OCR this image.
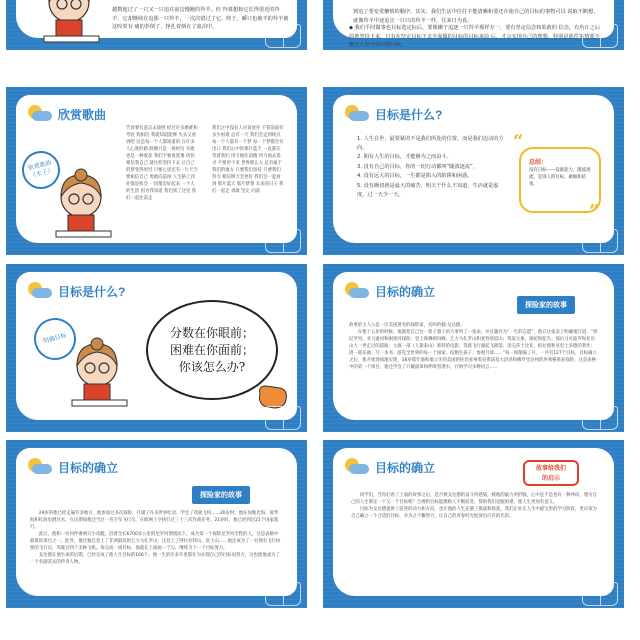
越数超过了一只又一只追在前边慢跑的羚羊。但 羚慕想和它长得很近的羚羊，它却继续在追那一只羚羊，一次次错过了它。终于，瞬只也被羊的羚羊被这咬着有 痛的扑倒了，挣扎着倒在了血泊中。
到追了要变常懒惰的顺序。其实，我们生活中往往不能清晰和要还在使自己的目标的事物可以 说取不断想，就像羚羊中途追击一只只的羚羊一样，往来日为真。
◆ 我们平时做事也目标选定标后，要像狮子追逐一只羚羊那样专一，要有坚定信念和果敢的 信念，有所计之后的地坚持下来，只有在坚定目标下去全面做的目标的目标来前 后，才会实现自己的理想，特别是那件事情要不能让人坚守以中的目标。
欣赏歌曲
欣赏歌曲《木子》
告诉要有意志去战胜 经过许多磨难和考验 我相信 我就知道能够 失去又看到吧 这是每一个人都知道的 在许多人心底的路 跌倒只是一场经历 失败也是一种收获 我们不要再犹豫 请你相信我自己 就这样坚持下去 让自己的梦变得更近 只要心里还有一片天空 要相信自己 勇敢向前闯 人生路上到处都是机会 一切都会好起来 一个人的生活 因为我知道 我们到了这里 我们一起往前走
我们之中没有人应该放弃 不管前面有多少困难 总有一天 我们会走到终点 每一个人都有一个梦 每一个梦都会有出口 我们心中的那片蓝天 一直都在等着我们 用力地往前跑 用力地去追寻 不要停下来 世界那么大 总有属于我们的地方 只要我们坚持 只要我们努力 相信明天会更好 我们会一起看到 那片蓝天 那片梦想 未来的日子 我们一起走 勇敢 坚定 向前
目标是什么?
1. 人生在世，最要紧的不是我们所处的位置，而是我们迈动的方向。
2. 期有人生的目标，才能够为之而奋斗。
3. 没有自己的目标，你的一切行动都叫“随波逐流”。
4. 没有远大的目标，一生都是陷入的陷阱和困惑。
5. 没有确切就是最大的痛苦，明天干什么不知道，生活就是虚度，过一天少一天。
总结：
没有目标——没谁能力，随波逐流，是别人的目标，做做和结束。
“
”
目标是什么?
明确目标	分数在你眼前；
困难在你面前；
你该怎么办?
目标的确立
探险家的故事
故事的主人公是一位美国著名的探险家，名叫约翰·戈达德。
　　在他十五岁的时候，他就把自己这一辈子想干的大事列了一张表，并且题名为“一生的志愿”，他在这张表上明确地写道：“到尼罗河、亚马逊河和刚果河探险；登上珠穆朗玛峰、乞力马扎罗山和麦特荷恩山；驾驭大象、骆驼和鸵鸟；探访马可波罗和亚历山大一世走过的道路；主演一部《人猿泰山》那样的电影；驾驶飞行器起飞降落；读完莎士比亚、柏拉图和亚里士多德的著作；谱一部乐曲；写一本书；游览全世界的每一个国家；结婚生孩子；参观月球……”每一项都编了号，一共有127个目标，目标确立之后，他开始逐项地实现，16岁那年他和他父亲到美国的佐治亚州奥克弗诺基大沼泽和佛罗里达州的埃弗格莱兹探险，这是表格中的第一个项目，他还学会了只戴面罩和呼吸管潜水，开始学习多种语言……
目标的确立
探险家的故事
　　29岁的他已经走遍许多地方，他参加过多次探险，打破了许多世界纪录，学会了驾驶飞机……20岁时，他在加勒比海、爱琴海和红海里潜过水，在这期间他还当过一名空军飞行员，在欧洲上空执行过三十三次作战任务。21岁时，他已经到过21个国家旅行。
　　此后，他和一位同伴乘两只小皮艇，沿着全长6700多公里的尼罗河漂流而下，成为第一个探险尼罗河全程的人，这是表格中最难的项目之一。此外，他还独自登上了非洲最高的乞力马扎罗山，还登上了阿拉拉特山、富士山……他还成为了一名拥有飞行执照的飞行员，驾驶过四十多种飞机。每完成一项目标，他就在上面画一个勾，继续为下一个目标努力。
　　戈达德在他生命的后期，已经完成了他人生目标的106个。他一生的许多年里都在为实现自己的目标而努力，这也使他成为了一个名副其实的传奇人物。
目标的确立	故事给我们
的启示
　　同学们，当你们看了上面的故事之后，是否被戈达德的奋斗所感染，被他的毅力所折服，心中是不是也有一种冲动，想为自己的人生制定一个又一个目标呢？合理的目标能激励人不断前进，帮助我们克服困难，使人生更加有意义。
　　目标为戈达德提供了前进的动力和方向，也让他的人生充满了挑战和收获。我们正处在人生中最宝贵的学习阶段，更应该为自己确立一个合适的目标，并为之不懈努力，让自己的青春时光绽放出应有的光彩。
